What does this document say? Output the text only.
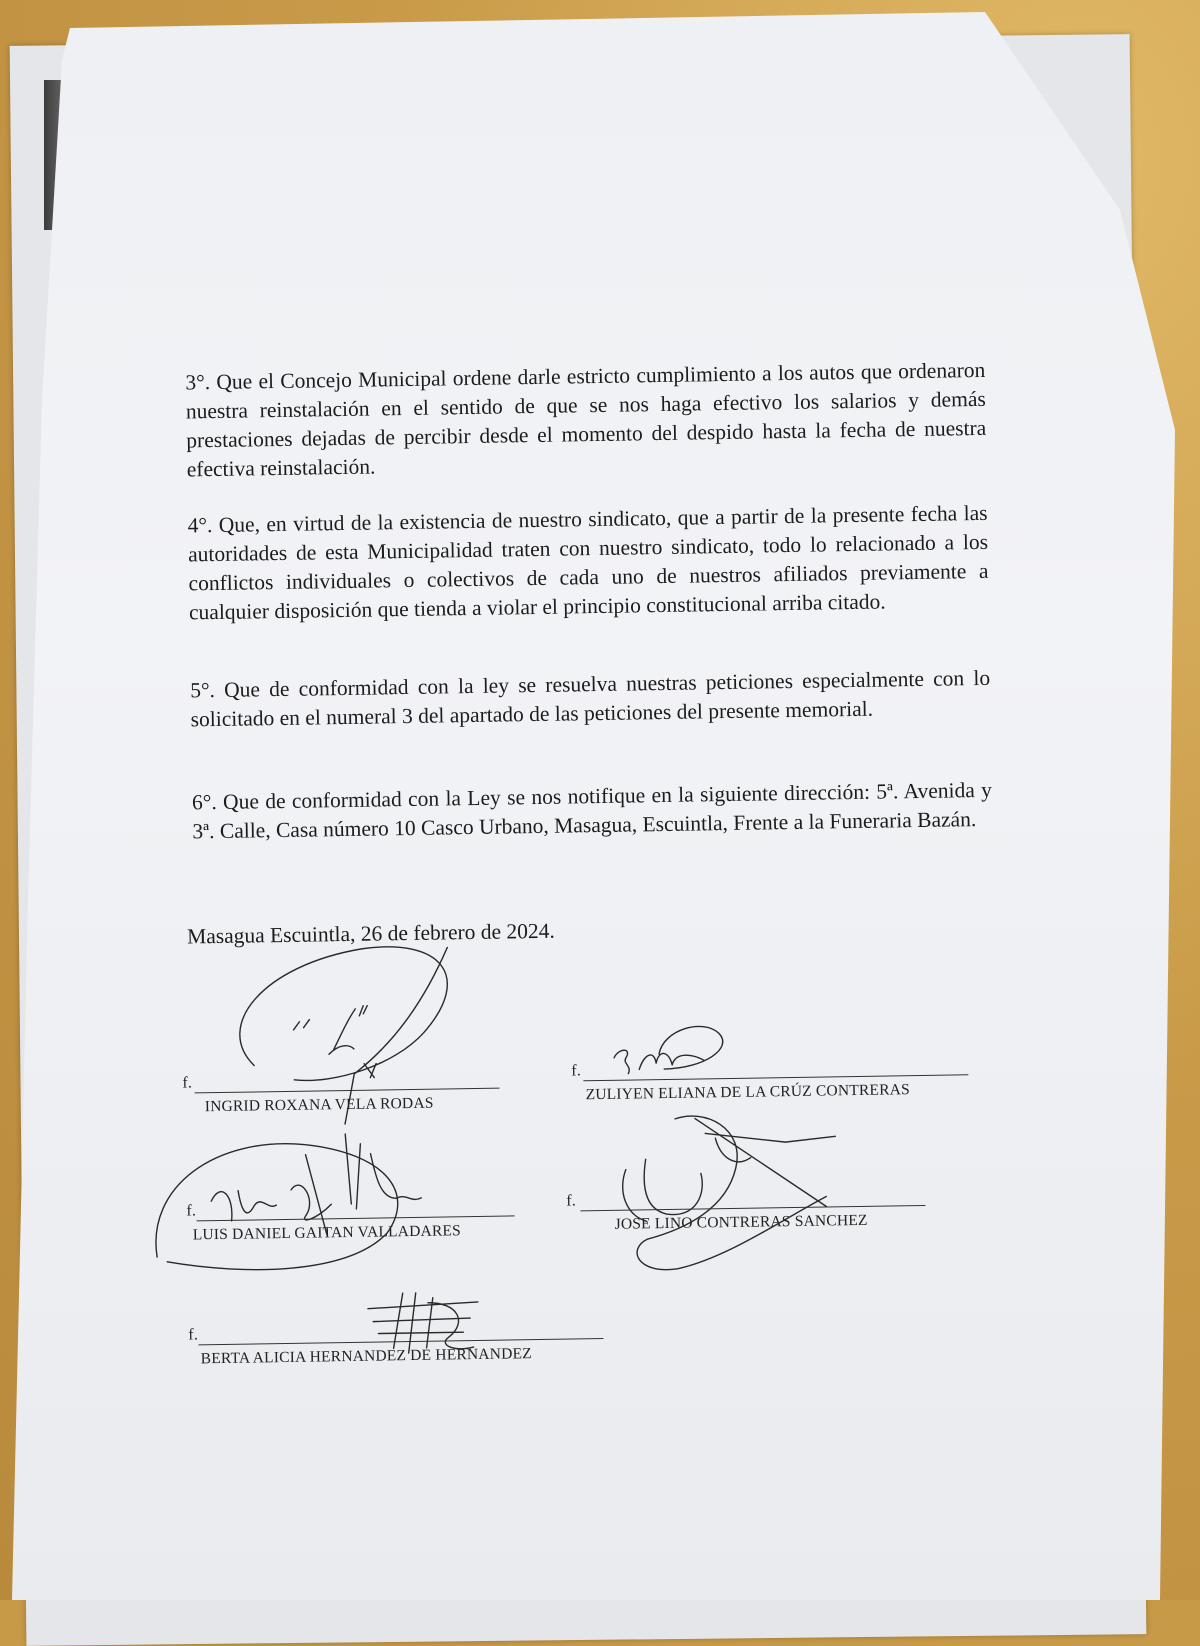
3°. Que el Concejo Municipal ordene darle estricto cumplimiento a los autos que ordenaron nuestra reinstalación en el sentido de que se nos haga efectivo los salarios y demás prestaciones dejadas de percibir desde el momento del despido hasta la fecha de nuestra efectiva reinstalación.

4°. Que, en virtud de la existencia de nuestro sindicato, que a partir de la presente fecha las autoridades de esta Municipalidad traten con nuestro sindicato, todo lo relacionado a los conflictos individuales o colectivos de cada uno de nuestros afiliados previamente a cualquier disposición que tienda a violar el principio constitucional arriba citado.

5°. Que de conformidad con la ley se resuelva nuestras peticiones especialmente con lo solicitado en el numeral 3 del apartado de las peticiones del presente memorial.

6°. Que de conformidad con la Ley se nos notifique en la siguiente dirección: 5ª. Avenida y 3ª. Calle, Casa número 10 Casco Urbano, Masagua, Escuintla, Frente a la Funeraria Bazán.

Masagua Escuintla, 26 de febrero de 2024.

f.
INGRID ROXANA VELA RODAS
f.
ZULIYEN ELIANA DE LA CRÚZ CONTRERAS
f.
LUIS DANIEL GAITAN VALLADARES
f.
JOSE LINO CONTRERAS SANCHEZ
f.
BERTA ALICIA HERNANDEZ DE HERNANDEZ
